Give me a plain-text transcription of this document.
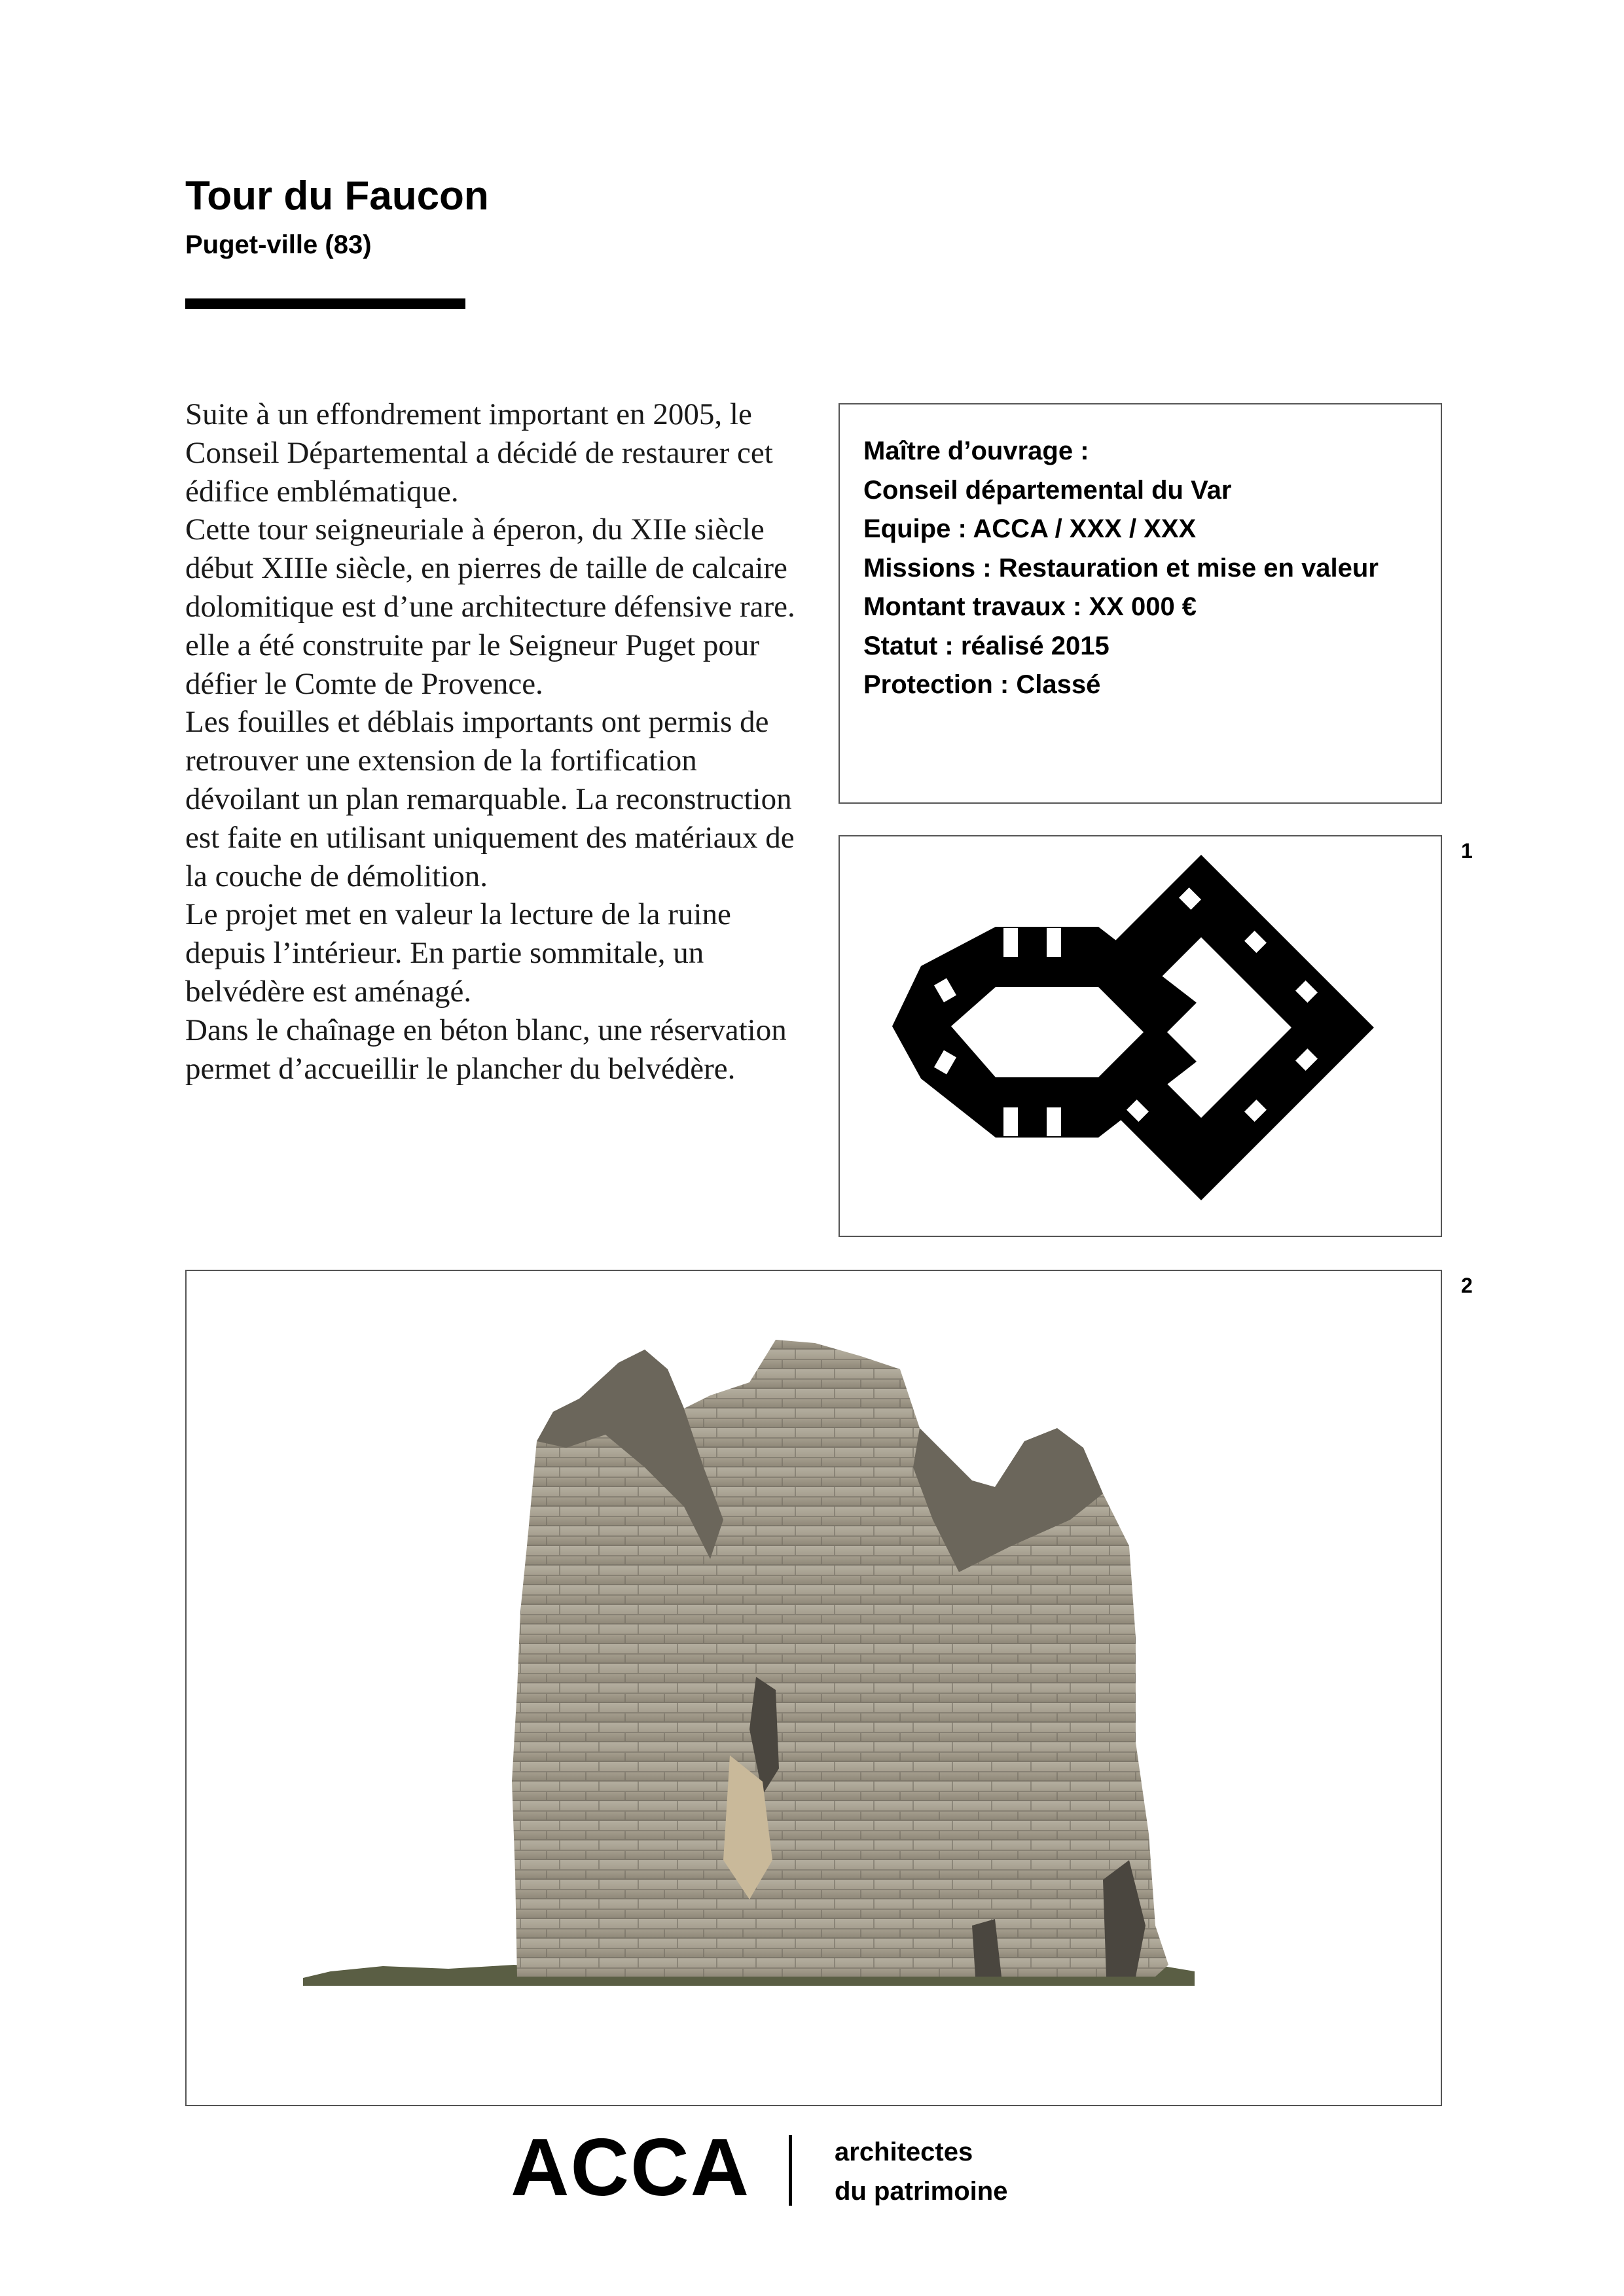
Tour du Faucon
Puget-ville (83)

Suite à un effondrement important en 2005, le Conseil Départemental a décidé de restaurer cet édifice emblématique.

Cette tour seigneuriale à éperon, du XIIe siècle début XIIIe siècle, en pierres de taille de calcaire dolomitique est d’une architecture défensive rare. elle a été construite par le Seigneur Puget pour défier le Comte de Provence.

Les fouilles et déblais importants ont permis de retrouver une extension de la fortification dévoilant un plan remarquable. La reconstruction est faite en utilisant uniquement des matériaux de la couche de démolition.

Le projet met en valeur la lecture de la ruine depuis l’intérieur. En partie sommitale, un belvédère est aménagé.

Dans le chaînage en béton blanc, une réservation permet d’accueillir le plancher du belvédère.

Maître d’ouvrage :
Conseil départemental du Var
Equipe : ACCA / XXX / XXX
Missions : Restauration et mise en valeur
Montant travaux : XX 000 €
Statut : réalisé 2015
Protection : Classé
1
2
ACCA	architectes
du patrimoine
